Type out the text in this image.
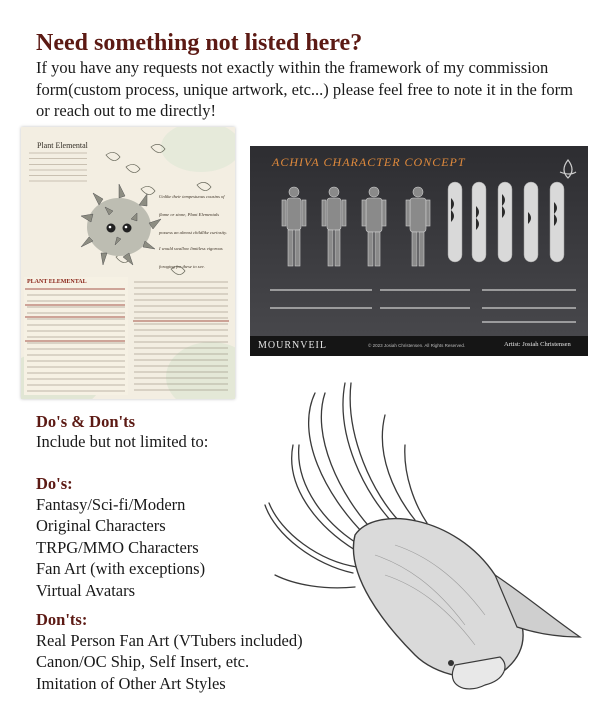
Need something not listed here?

If you have any requests not exactly within the framework of my commission form(custom process, unique artwork, etc...) please feel free to note it in the form or reach out to me directly!

Plant Elemental
Unlike their tempestuous cousins of flame or stone, Plant Elementals possess an almost childlike curiosity.
I would swallow limitless vigorous foraging for these to see.
PLANT ELEMENTAL
ACHIVA CHARACTER CONCEPT
MOURNVEIL	© 2023 Josiah Christensen. All Rights Reserved.	Artist: Josiah Christensen
Do's & Don'ts

Include but not limited to:

Do's:
Fantasy/Sci-fi/Modern
Original Characters
TRPG/MMO Characters
Fan Art (with exceptions)
Virtual Avatars
Don'ts:
Real Person Fan Art (VTubers included)
Canon/OC Ship, Self Insert, etc.
Imitation of Other Art Styles
